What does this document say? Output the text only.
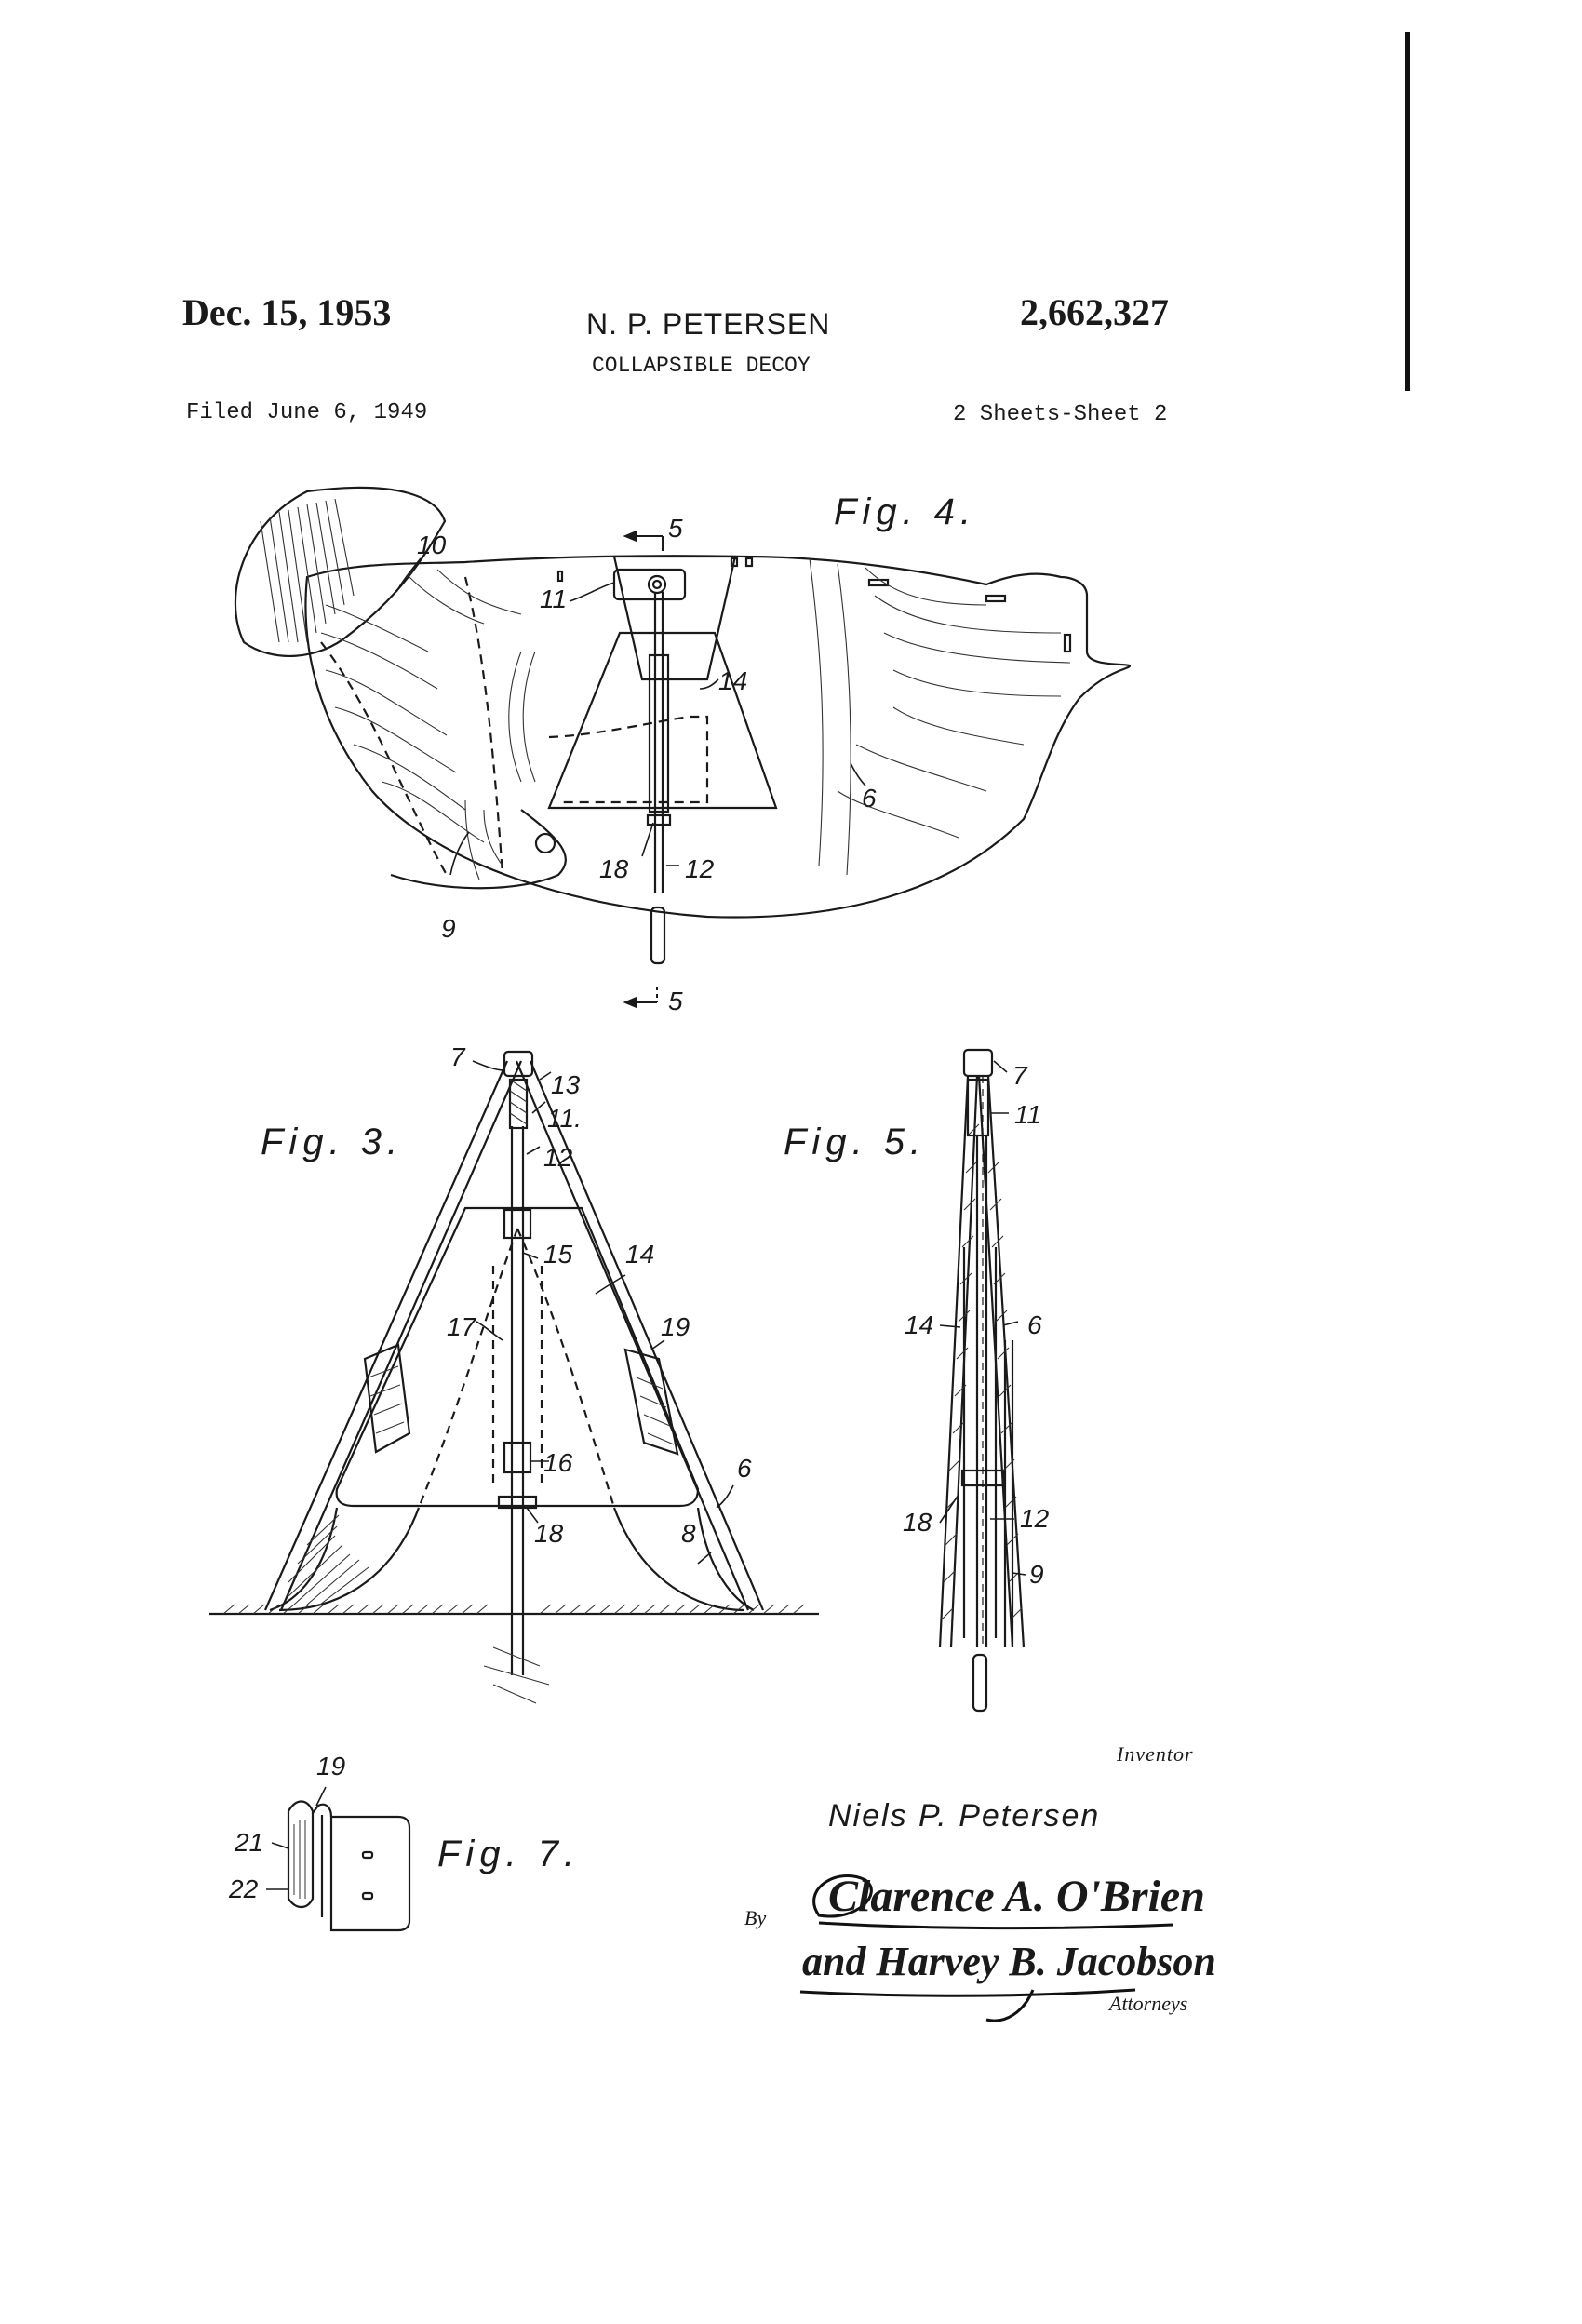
Dec. 15, 1953	N. P. PETERSEN	2,662,327
COLLAPSIBLE DECOY
Filed June 6, 1949	2 Sheets-Sheet 2
Fig. 4.
Fig. 3.	Fig. 5.
Fig. 7.
10
11
14
6
9
18 12
5
5
7
13
11.
12
15 14
17	19
16	6
18	8
7
11
14	6
18	12
9
19
21
22
Inventor
Niels P. Petersen
By Clarence A. O'Brien
and Harvey B. Jacobson
Attorneys
